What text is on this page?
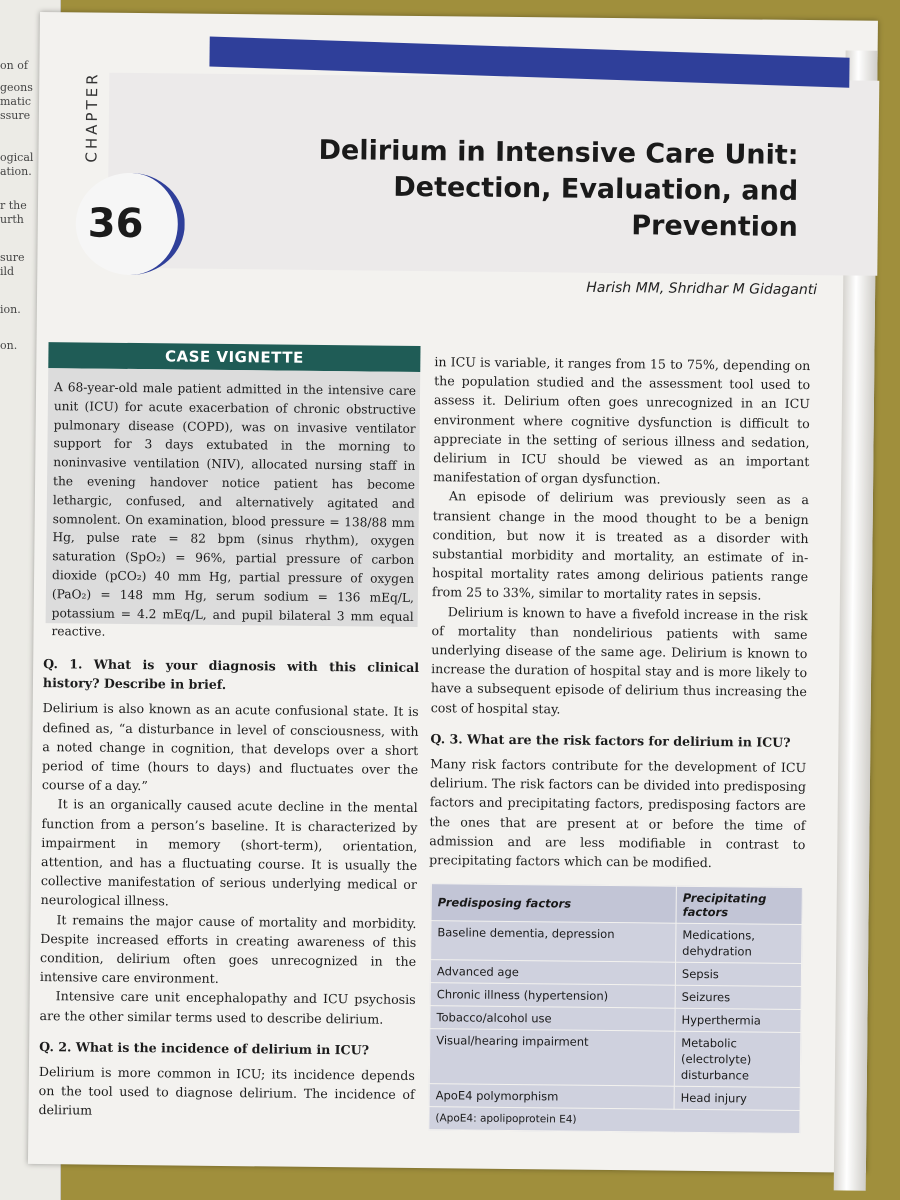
on of
geons
matic
ssure
ogical
ation.
r the
urth
sure
ild
ion.
on.
CHAPTER
36
Delirium in Intensive Care Unit:
Detection, Evaluation, and Prevention
Harish MM, Shridhar M Gidaganti
CASE VIGNETTE
A 68-year-old male patient admitted in the intensive care unit (ICU) for acute exacerbation of chronic obstructive pulmonary disease (COPD), was on invasive ventilator support for 3 days extubated in the morning to noninvasive ventilation (NIV), allocated nursing staff in the evening handover notice patient has become lethargic, confused, and alternatively agitated and somnolent. On examination, blood pressure = 138/88 mm Hg, pulse rate = 82 bpm (sinus rhythm), oxygen saturation (SpO₂) = 96%, partial pressure of carbon dioxide (pCO₂) 40 mm Hg, partial pressure of oxygen (PaO₂) = 148 mm Hg, serum sodium = 136 mEq/L, potassium = 4.2 mEq/L, and pupil bilateral 3 mm equal reactive.

Q. 1. What is your diagnosis with this clinical history? Describe in brief.

Delirium is also known as an acute confusional state. It is defined as, “a disturbance in level of consciousness, with a noted change in cognition, that develops over a short period of time (hours to days) and fluctuates over the course of a day.”

It is an organically caused acute decline in the mental function from a person’s baseline. It is characterized by impairment in memory (short-term), orientation, attention, and has a fluctuating course. It is usually the collective manifestation of serious underlying medical or neurological illness.

It remains the major cause of mortality and morbidity. Despite increased efforts in creating awareness of this condition, delirium often goes unrecognized in the intensive care environment.

Intensive care unit encephalopathy and ICU psychosis are the other similar terms used to describe delirium.

Q. 2. What is the incidence of delirium in ICU?

Delirium is more common in ICU; its incidence depends on the tool used to diagnose delirium. The incidence of delirium

in ICU is variable, it ranges from 15 to 75%, depending on the population studied and the assessment tool used to assess it. Delirium often goes unrecognized in an ICU environment where cognitive dysfunction is difficult to appreciate in the setting of serious illness and sedation, delirium in ICU should be viewed as an important manifestation of organ dysfunction.

An episode of delirium was previously seen as a transient change in the mood thought to be a benign condition, but now it is treated as a disorder with substantial morbidity and mortality, an estimate of in-hospital mortality rates among delirious patients range from 25 to 33%, similar to mortality rates in sepsis.

Delirium is known to have a fivefold increase in the risk of mortality than nondelirious patients with same underlying disease of the same age. Delirium is known to increase the duration of hospital stay and is more likely to have a subsequent episode of delirium thus increasing the cost of hospital stay.

Q. 3. What are the risk factors for delirium in ICU?

Many risk factors contribute for the development of ICU delirium. The risk factors can be divided into predisposing factors and precipitating factors, predisposing factors are the ones that are present at or before the time of admission and are less modifiable in contrast to precipitating factors which can be modified.

Predisposing factors	Precipitating factors
Baseline dementia, depression	Medications, dehydration
Advanced age	Sepsis
Chronic illness (hypertension)	Seizures
Tobacco/alcohol use	Hyperthermia
Visual/hearing impairment	Metabolic (electrolyte) disturbance
ApoE4 polymorphism	Head injury
(ApoE4: apolipoprotein E4)	
